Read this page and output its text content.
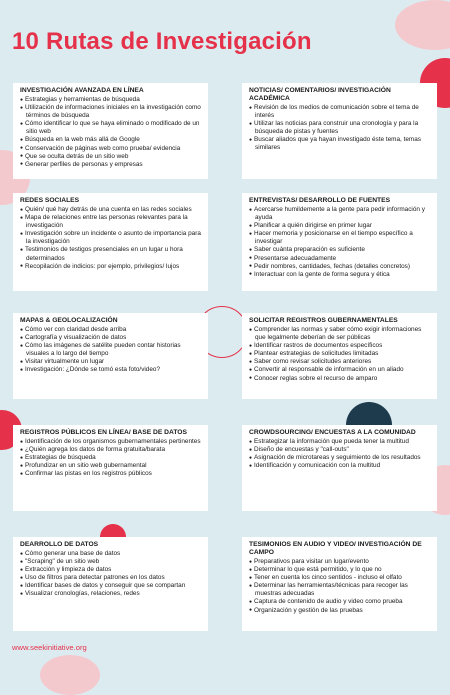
10 Rutas de Investigación
INVESTIGACIÓN AVANZADA EN LÍNEA
● Estrategias y herramientas de búsqueda
● Utilización de informaciones iniciales en la investigación como términos de búsqueda
● Cómo identificar lo que se haya eliminado o modificado de un sitio web
● Búsqueda en la web más allá de Google
● Conservación de páginas web como prueba/ evidencia
● Que se oculta detrás de un sitio web
● Generar perfiles de personas y empresas
NOTICIAS/ COMENTARIOS/ INVESTIGACIÓN ACADÉMICA
● Revisión de los medios de comunicación sobre el tema de interés
● Utilizar las noticias para construir una cronología y para la búsqueda de pistas y fuentes
● Buscar aliados que ya hayan investigado éste tema, temas similares
REDES SOCIALES
● Quién/ qué hay detrás de una cuenta en las redes sociales
● Mapa de relaciones entre las personas relevantes para la investigación
● Investigación sobre un incidente o asunto de importancia para la investigación
● Testimonios de testigos presenciales en un lugar u hora determinados
● Recopilación de indicios: por ejemplo, privilegios/ lujos
ENTREVISTAS/ DESARROLLO DE FUENTES
● Acercarse humildemente a la gente para pedir información y ayuda
● Planificar a quién dirigirse en primer lugar
● Hacer memoria y posicionarse en el tiempo específico a investigar
● Saber cuánta preparación es suficiente
● Presentarse adecuadamente
● Pedir nombres, cantidades, fechas (detalles concretos)
● Interactuar con la gente de forma segura y ética
MAPAS & GEOLOCALIZACIÓN
● Cómo ver con claridad desde arriba
● Cartografía y visualización de datos
● Cómo las imágenes de satélite pueden contar historias visuales a lo largo del tiempo
● Visitar virtualmente un lugar
● Investigación: ¿Dónde se tomó esta foto/video?
SOLICITAR REGISTROS GUBERNAMENTALES
● Comprender las normas y saber cómo exigir informaciones que legalmente deberían de ser públicas
● Identificar rastros de documentos específicos
● Plantear estrategias de solicitudes limitadas
● Saber como revisar solicitudes anteriores
● Convertir al responsable de información en un aliado
● Conocer reglas sobre el recurso de amparo
REGISTROS PÚBLICOS EN LÍNEA/ BASE DE DATOS
● Identificación de los organismos gubernamentales pertinentes
● ¿Quién agrega los datos de forma gratuita/barata
● Estrategias de búsqueda
● Profundizar en un sitio web gubernamental
● Confirmar las pistas en los registros públicos
CROWDSOURCING/ ENCUESTAS A LA COMUNIDAD
● Estrategizar la información que pueda tener la multitud
● Diseño de encuestas y "call-outs"
● Asignación de microtareas y seguimiento de los resultados
● Identificación y comunicación con la multitud
DEARROLLO DE DATOS
● Cómo generar una base de datos
● "Scraping" de un sitio web
● Extracción y limpieza de datos
● Uso de filtros para detectar patrones en los datos
● Identificar bases de datos y conseguir que se compartan
● Visualizar cronologías, relaciones, redes
TESIMONIOS EN AUDIO Y VIDEO/ INVESTIGACIÓN DE CAMPO
● Preparativos para visitar un lugar/evento
● Determinar lo que está permitido, y lo que no
● Tener en cuenta los cinco sentidos - incluso el olfato
● Determinar las herramientas/técnicas para recoger las muestras adecuadas
● Captura de contenido de audio y video como prueba
● Organización y gestión de las pruebas
www.seekinitiative.org
